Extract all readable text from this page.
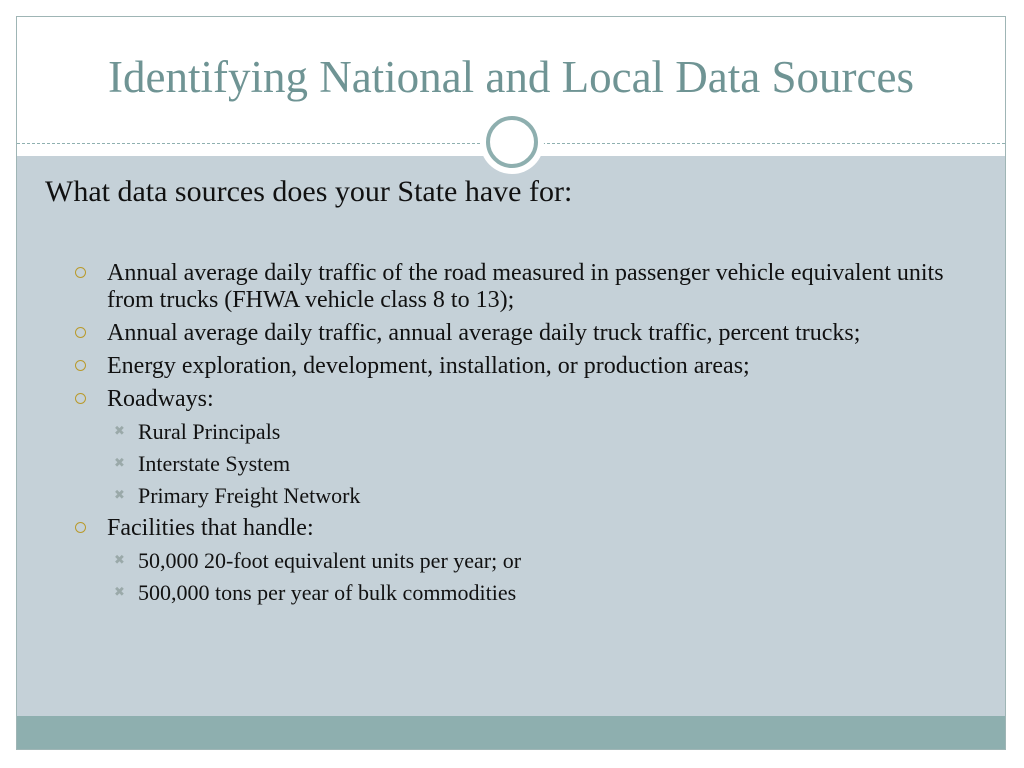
Identifying National and Local Data Sources
What data sources does your State have for:
Annual average daily traffic of the road measured in passenger vehicle equivalent units from trucks (FHWA vehicle class 8 to 13);
Annual average daily traffic, annual average daily truck traffic, percent trucks;
Energy exploration, development, installation, or production areas;
Roadways:
✖ Rural Principals
✖ Interstate System
✖ Primary Freight Network
Facilities that handle:
✖ 50,000 20-foot equivalent units per year; or
✖ 500,000 tons per year of bulk commodities
